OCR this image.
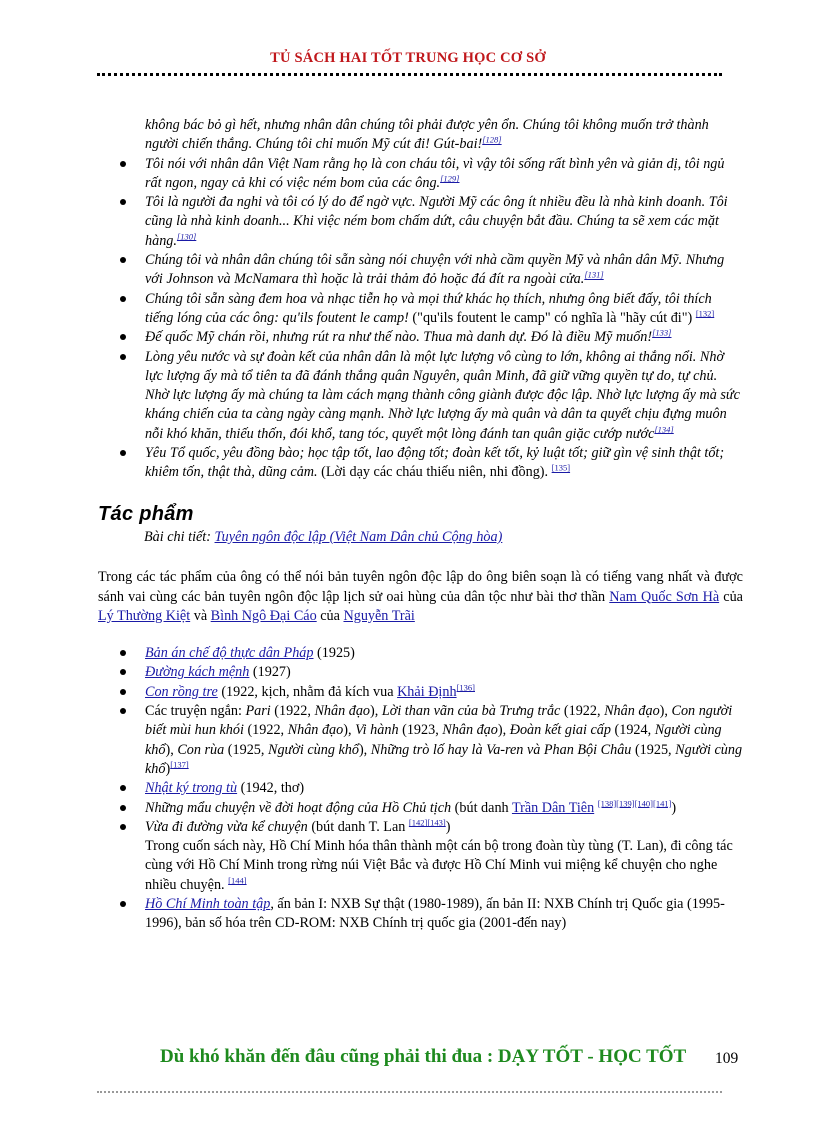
TỦ SÁCH HAI TỐT TRUNG HỌC CƠ SỞ
không bác bỏ gì hết, nhưng nhân dân chúng tôi phải được yên ổn. Chúng tôi không muốn trở thành người chiến thắng. Chúng tôi chỉ muốn Mỹ cút đi! Gút-bai![128]
Tôi nói với nhân dân Việt Nam rằng họ là con cháu tôi, vì vậy tôi sống rất bình yên và giản dị, tôi ngủ rất ngon, ngay cả khi có việc ném bom của các ông.[129]
Tôi là người đa nghi và tôi có lý do để ngờ vực. Người Mỹ các ông ít nhiều đều là nhà kinh doanh. Tôi cũng là nhà kinh doanh... Khi việc ném bom chấm dứt, câu chuyện bắt đầu. Chúng ta sẽ xem các mặt hàng.[130]
Chúng tôi và nhân dân chúng tôi sẵn sàng nói chuyện với nhà cầm quyền Mỹ và nhân dân Mỹ. Nhưng với Johnson và McNamara thì hoặc là trải thảm đỏ hoặc đá đít ra ngoài cửa.[131]
Chúng tôi sẵn sàng đem hoa và nhạc tiễn họ và mọi thứ khác họ thích, nhưng ông biết đấy, tôi thích tiếng lóng của các ông: qu'ils foutent le camp! ("qu'ils foutent le camp" có nghĩa là "hãy cút đi") [132]
Đế quốc Mỹ chán rồi, nhưng rút ra như thế nào. Thua mà danh dự. Đó là điều Mỹ muốn![133]
Lòng yêu nước và sự đoàn kết của nhân dân là một lực lượng vô cùng to lớn, không ai thắng nổi. Nhờ lực lượng ấy mà tổ tiên ta đã đánh thắng quân Nguyên, quân Minh, đã giữ vững quyền tự do, tự chủ. Nhờ lực lượng ấy mà chúng ta làm cách mạng thành công giành được độc lập. Nhờ lực lượng ấy mà sức kháng chiến của ta càng ngày càng mạnh. Nhờ lực lượng ấy mà quân và dân ta quyết chịu đựng muôn nỗi khó khăn, thiếu thốn, đói khổ, tang tóc, quyết một lòng đánh tan quân giặc cướp nước[134]
Yêu Tổ quốc, yêu đồng bào; học tập tốt, lao động tốt; đoàn kết tốt, kỷ luật tốt; giữ gìn vệ sinh thật tốt; khiêm tốn, thật thà, dũng cảm. (Lời dạy các cháu thiếu niên, nhi đồng). [135]
Tác phẩm
Bài chi tiết: Tuyên ngôn độc lập (Việt Nam Dân chủ Cộng hòa)

Trong các tác phẩm của ông có thể nói bản tuyên ngôn độc lập do ông biên soạn là có tiếng vang nhất và được sánh vai cùng các bản tuyên ngôn độc lập lịch sử oai hùng của dân tộc như bài thơ thần Nam Quốc Sơn Hà của Lý Thường Kiệt và Bình Ngô Đại Cáo của Nguyễn Trãi

Bản án chế độ thực dân Pháp (1925)
Đường kách mệnh (1927)
Con rồng tre (1922, kịch, nhằm đả kích vua Khải Định[136]
Các truyện ngắn: Pari (1922, Nhân đạo), Lời than vãn của bà Trưng trắc (1922, Nhân đạo), Con người biết mùi hun khói (1922, Nhân đạo), Vi hành (1923, Nhân đạo), Đoàn kết giai cấp (1924, Người cùng khổ), Con rùa (1925, Người cùng khổ), Những trò lố hay là Va-ren và Phan Bội Châu (1925, Người cùng khổ)[137]
Nhật ký trong tù (1942, thơ)
Những mẩu chuyện về đời hoạt động của Hồ Chủ tịch (bút danh Trần Dân Tiên [138][139][140][141])
Vừa đi đường vừa kể chuyện (bút danh T. Lan [142][143])
Trong cuốn sách này, Hồ Chí Minh hóa thân thành một cán bộ trong đoàn tùy tùng (T. Lan), đi công tác cùng với Hồ Chí Minh trong rừng núi Việt Bắc và được Hồ Chí Minh vui miệng kể chuyện cho nghe nhiều chuyện. [144]
Hồ Chí Minh toàn tập, ấn bản I: NXB Sự thật (1980-1989), ấn bản II: NXB Chính trị Quốc gia (1995-1996), bản số hóa trên CD-ROM: NXB Chính trị quốc gia (2001-đến nay)
Dù khó khăn đến đâu cũng phải thi đua : DẠY TỐT - HỌC TỐT 109
